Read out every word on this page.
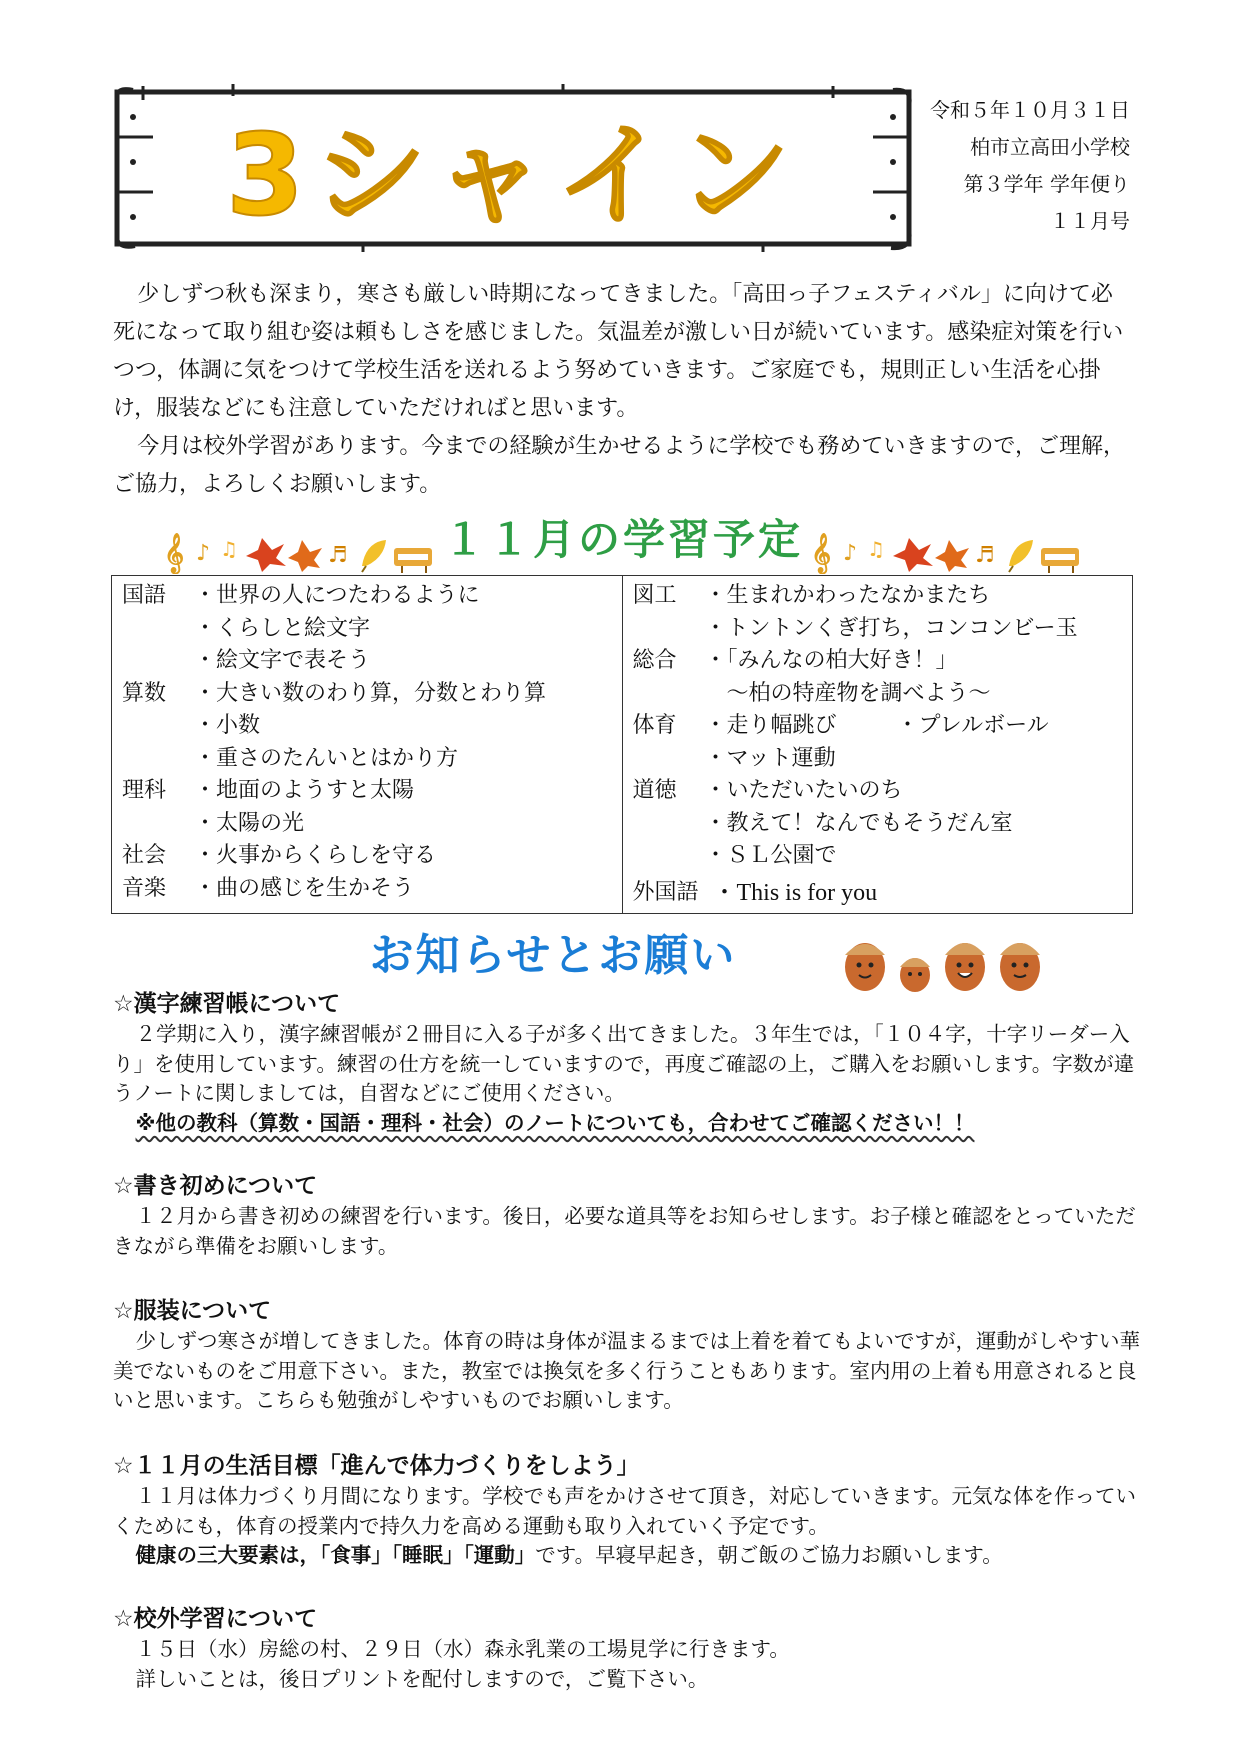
3シャイン
令和５年１０月３１日
柏市立高田小学校
第３学年 学年便り
１１月号

少しずつ秋も深まり，寒さも厳しい時期になってきました。「高田っ子フェスティバル」に向けて必死になって取り組む姿は頼もしさを感じました。気温差が激しい日が続いています。感染症対策を行いつつ，体調に気をつけて学校生活を送れるよう努めていきます。ご家庭でも，規則正しい生活を心掛け，服装などにも注意していただければと思います。

今月は校外学習があります。今までの経験が生かせるように学校でも務めていきますので，ご理解，ご協力，よろしくお願いします。

𝄞 ♪ ♫	♬ １１月の学習予定 𝄞 ♪ ♫	♬
国語	・世界の人につたわるように
・くらしと絵文字
・絵文字で表そう
算数	・大きい数のわり算，分数とわり算
・小数
・重さのたんいとはかり方
理科	・地面のようすと太陽
・太陽の光
社会	・火事からくらしを守る
音楽	・曲の感じを生かそう
図工	・生まれかわったなかまたち
・トントンくぎ打ち，コンコンビー玉
総合	・「みんなの柏大好き！」
　～柏の特産物を調べよう～
体育	・走り幅跳び	・プレルボール
・マット運動
道徳	・いただいたいのち
・教えて！なんでもそうだん室
・ＳＬ公園で
外国語 ・This is for you
お知らせとお願い
☆漢字練習帳について

２学期に入り，漢字練習帳が２冊目に入る子が多く出てきました。３年生では，「１０４字，十字リーダー入り」を使用しています。練習の仕方を統一していますので，再度ご確認の上，ご購入をお願いします。字数が違うノートに関しましては，自習などにご使用ください。

※他の教科（算数・国語・理科・社会）のノートについても，合わせてご確認ください！！

☆書き初めについて

１２月から書き初めの練習を行います。後日，必要な道具等をお知らせします。お子様と確認をとっていただきながら準備をお願いします。

☆服装について

少しずつ寒さが増してきました。体育の時は身体が温まるまでは上着を着てもよいですが，運動がしやすい華美でないものをご用意下さい。また，教室では換気を多く行うこともあります。室内用の上着も用意されると良いと思います。こちらも勉強がしやすいものでお願いします。

☆１１月の生活目標「進んで体力づくりをしよう」

１１月は体力づくり月間になります。学校でも声をかけさせて頂き，対応していきます。元気な体を作っていくためにも，体育の授業内で持久力を高める運動も取り入れていく予定です。

健康の三大要素は，「食事」「睡眠」「運動」です。早寝早起き，朝ご飯のご協力お願いします。

☆校外学習について

１５日（水）房総の村、２９日（水）森永乳業の工場見学に行きます。

詳しいことは，後日プリントを配付しますので，ご覧下さい。
